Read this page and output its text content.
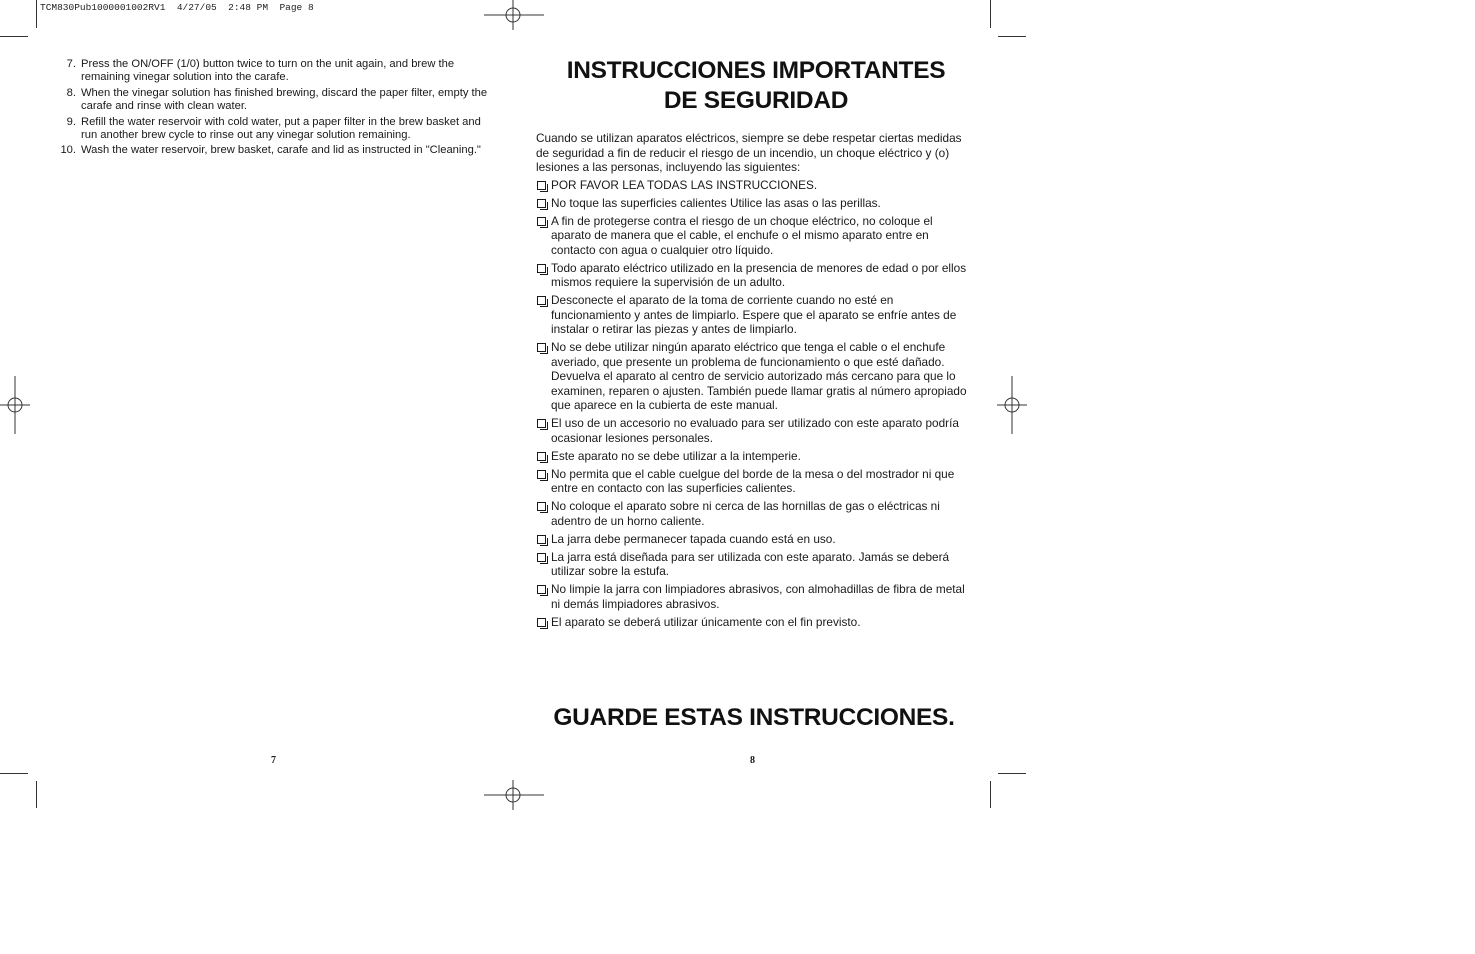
TCM830Pub1000001002RV1  4/27/05  2:48 PM  Page 8
7. Press the ON/OFF (1/0) button twice to turn on the unit again, and brew the remaining vinegar solution into the carafe.
8. When the vinegar solution has finished brewing, discard the paper filter, empty the carafe and rinse with clean water.
9. Refill the water reservoir with cold water, put a paper filter in the brew basket and run another brew cycle to rinse out any vinegar solution remaining.
10. Wash the water reservoir, brew basket, carafe and lid as instructed in "Cleaning."
INSTRUCCIONES IMPORTANTES
DE SEGURIDAD

Cuando se utilizan aparatos eléctricos, siempre se debe respetar ciertas medidas de seguridad a fin de reducir el riesgo de un incendio, un choque eléctrico y (o) lesiones a las personas, incluyendo las siguientes:

POR FAVOR LEA TODAS LAS INSTRUCCIONES.
No toque las superficies calientes Utilice las asas o las perillas.
A fin de protegerse contra el riesgo de un choque eléctrico, no coloque el aparato de manera que el cable, el enchufe o el mismo aparato entre en contacto con agua o cualquier otro líquido.
Todo aparato eléctrico utilizado en la presencia de menores de edad o por ellos mismos requiere la supervisión de un adulto.
Desconecte el aparato de la toma de corriente cuando no esté en funcionamiento y antes de limpiarlo. Espere que el aparato se enfríe antes de instalar o retirar las piezas y antes de limpiarlo.
No se debe utilizar ningún aparato eléctrico que tenga el cable o el enchufe averiado, que presente un problema de funcionamiento o que esté dañado. Devuelva el aparato al centro de servicio autorizado más cercano para que lo examinen, reparen o ajusten. También puede llamar gratis al número apropiado que aparece en la cubierta de este manual.
El uso de un accesorio no evaluado para ser utilizado con este aparato podría ocasionar lesiones personales.
Este aparato no se debe utilizar a la intemperie.
No permita que el cable cuelgue del borde de la mesa o del mostrador ni que entre en contacto con las superficies calientes.
No coloque el aparato sobre ni cerca de las hornillas de gas o eléctricas ni adentro de un horno caliente.
La jarra debe permanecer tapada cuando está en uso.
La jarra está diseñada para ser utilizada con este aparato. Jamás se deberá utilizar sobre la estufa.
No limpie la jarra con limpiadores abrasivos, con almohadillas de fibra de metal ni demás limpiadores abrasivos.
El aparato se deberá utilizar únicamente con el fin previsto.
GUARDE ESTAS INSTRUCCIONES.
7	8
